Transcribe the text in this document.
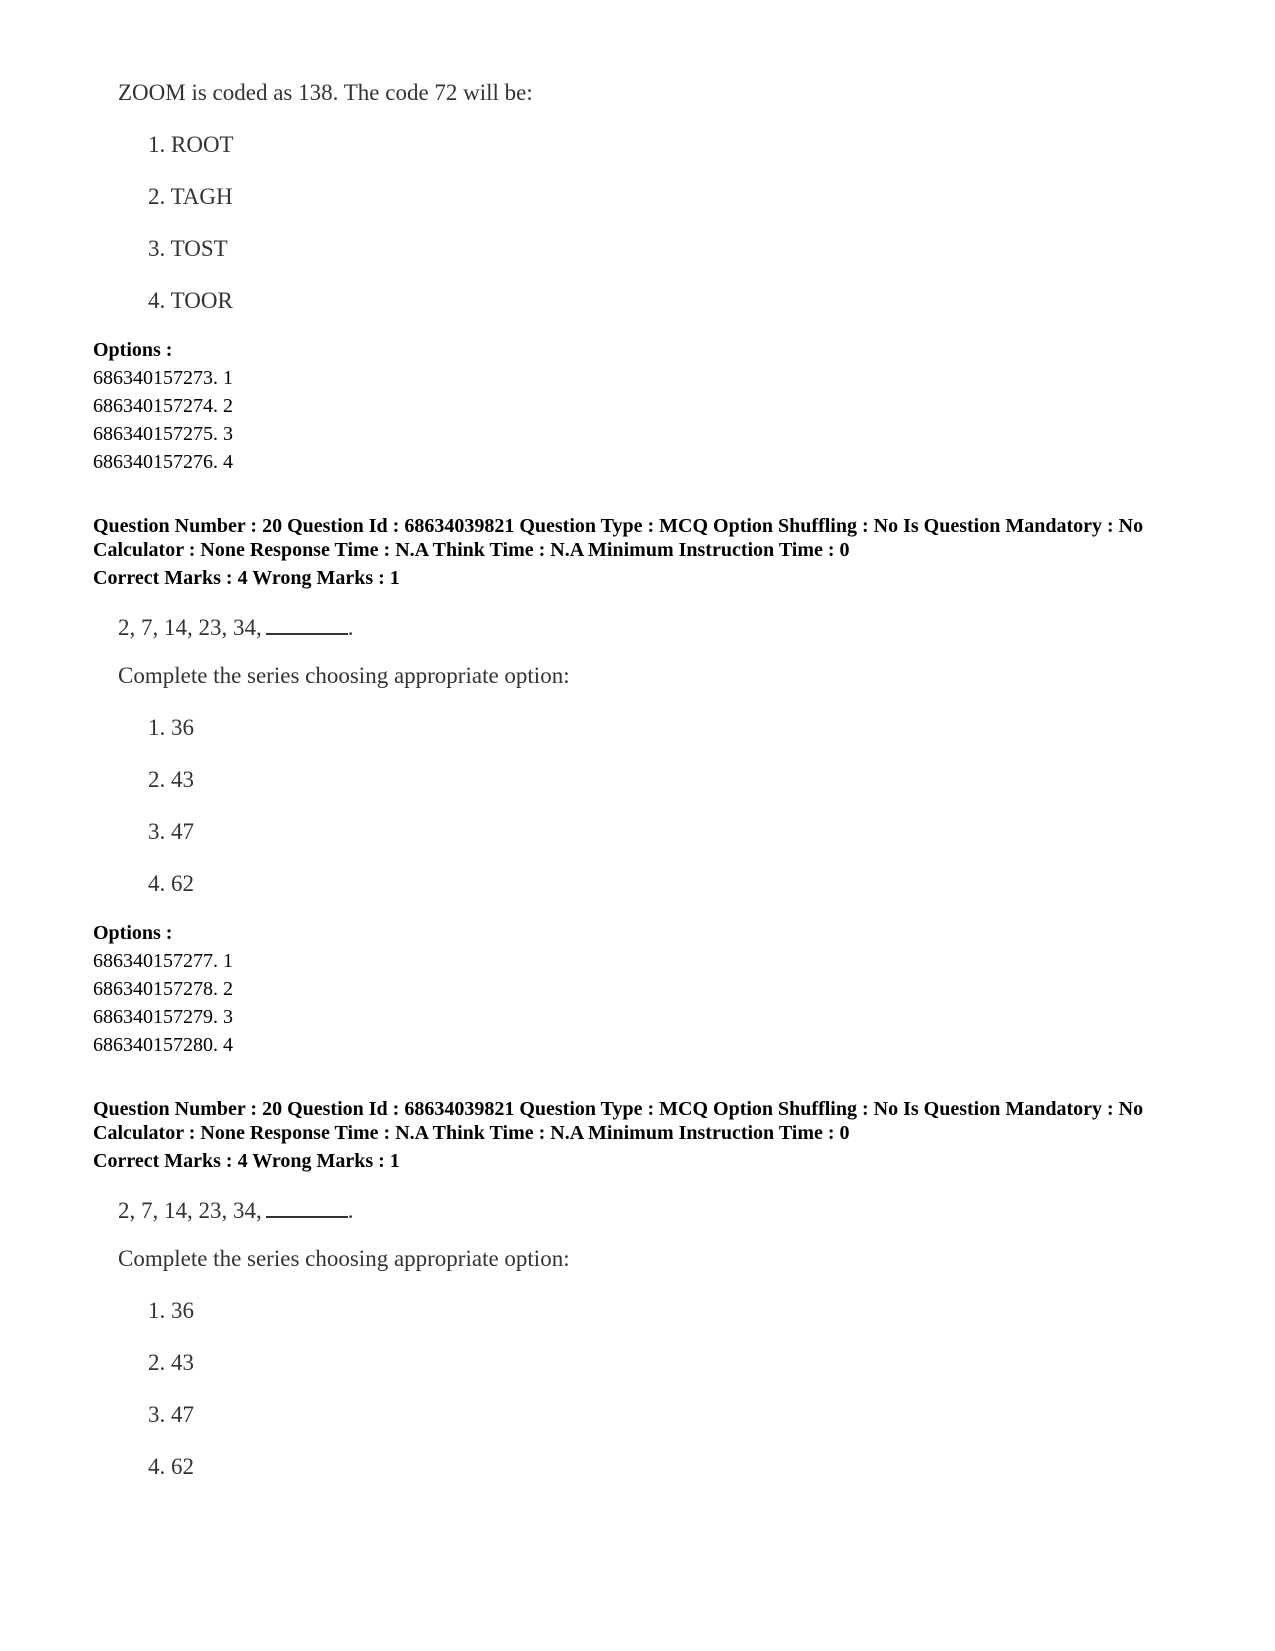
ZOOM is coded as 138. The code 72 will be:
1. ROOT
2. TAGH
3. TOST
4. TOOR
Options :
686340157273. 1
686340157274. 2
686340157275. 3
686340157276. 4
Question Number : 20 Question Id : 68634039821 Question Type : MCQ Option Shuffling : No Is Question Mandatory : No Calculator : None Response Time : N.A Think Time : N.A Minimum Instruction Time : 0
Correct Marks : 4 Wrong Marks : 1
2, 7, 14, 23, 34,	.
Complete the series choosing appropriate option:
1. 36
2. 43
3. 47
4. 62
Options :
686340157277. 1
686340157278. 2
686340157279. 3
686340157280. 4
Question Number : 20 Question Id : 68634039821 Question Type : MCQ Option Shuffling : No Is Question Mandatory : No Calculator : None Response Time : N.A Think Time : N.A Minimum Instruction Time : 0
Correct Marks : 4 Wrong Marks : 1
2, 7, 14, 23, 34,	.
Complete the series choosing appropriate option:
1. 36
2. 43
3. 47
4. 62
